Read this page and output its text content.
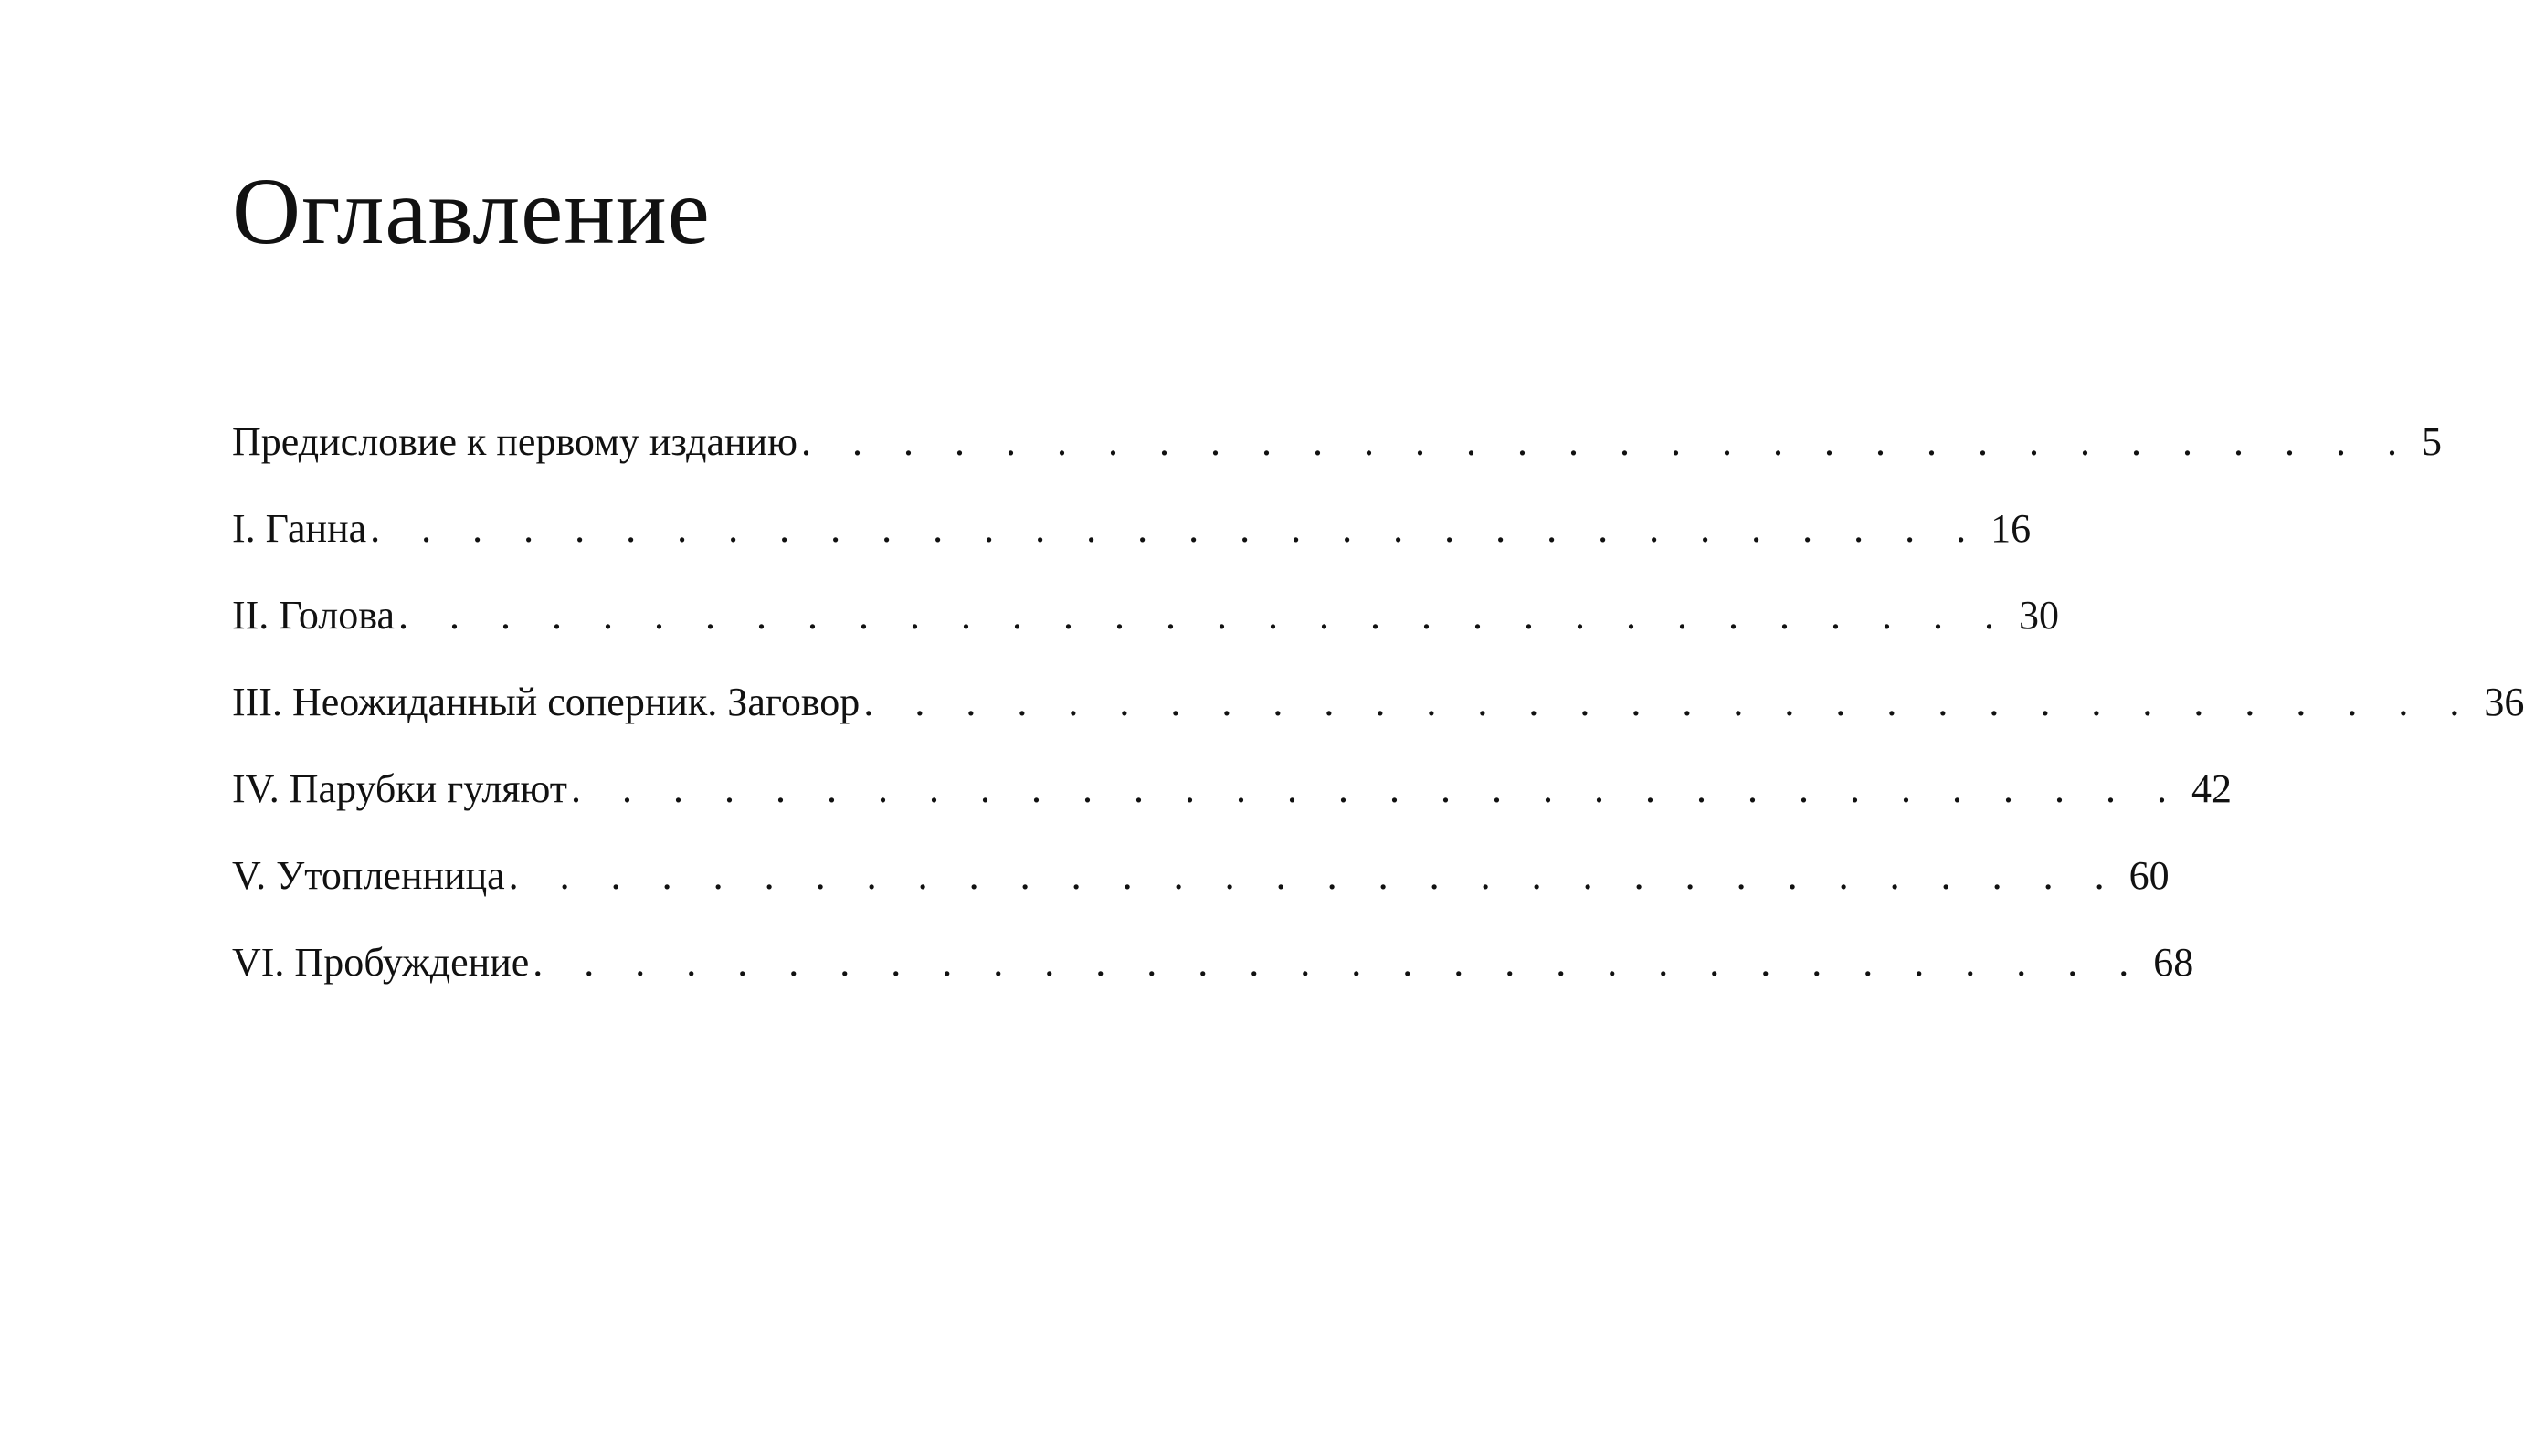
Оглавление
Предисловие к первому изданию . . . . . . . . . . . . . . . . . . . . . . . . . . . . . . . . 5
I. Ганна . . . . . . . . . . . . . . . . . . . . . . . . . . . . . . . . 16
II. Голова . . . . . . . . . . . . . . . . . . . . . . . . . . . . . . . . 30
III. Неожиданный соперник. Заговор . . . . . . . . . . . . . . . . . . . . . . . . . . . . . . . . 36
IV. Парубки гуляют . . . . . . . . . . . . . . . . . . . . . . . . . . . . . . . . 42
V. Утопленница . . . . . . . . . . . . . . . . . . . . . . . . . . . . . . . . 60
VI. Пробуждение . . . . . . . . . . . . . . . . . . . . . . . . . . . . . . . . 68
